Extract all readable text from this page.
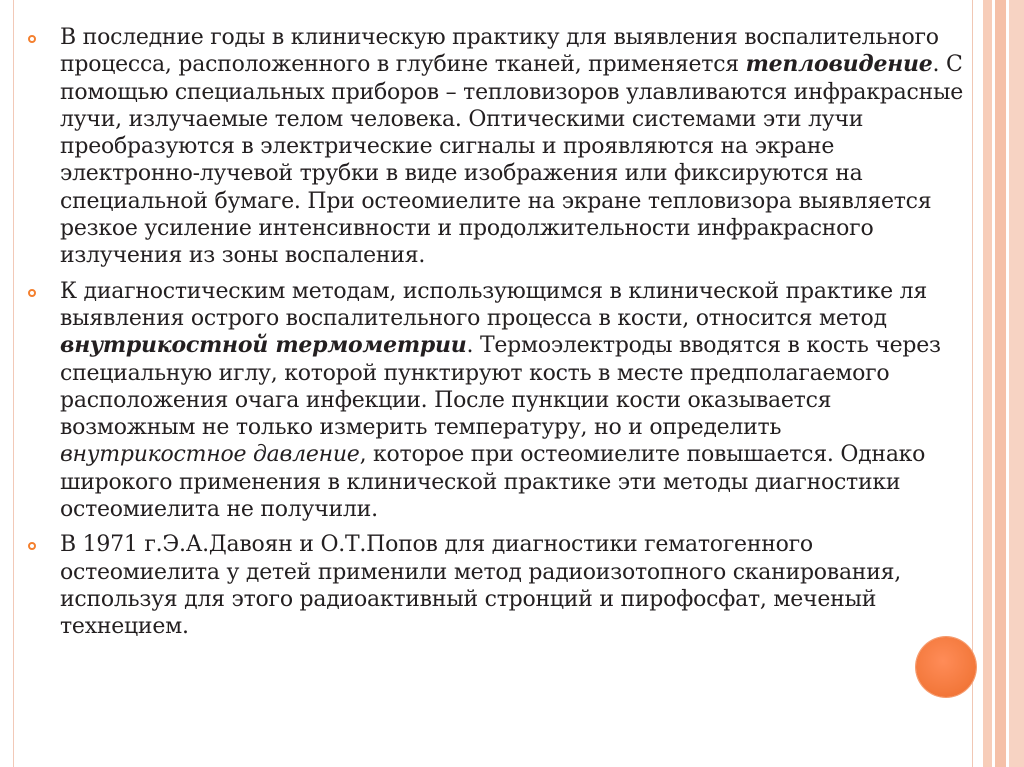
В последние годы в клиническую практику для выявления воспалительного процесса, расположенного в глубине тканей, применяется тепловидение. С помощью специальных приборов – тепловизоров улавливаются инфракрасные лучи, излучаемые телом человека. Оптическими системами эти лучи преобразуются в электрические сигналы и проявляются на экране электронно-лучевой трубки в виде изображения или фиксируются на специальной бумаге. При остеомиелите на экране тепловизора выявляется резкое усиление интенсивности и продолжительности инфракрасного излучения из зоны воспаления.

К диагностическим методам, использующимся в клинической практике ля выявления острого воспалительного процесса в кости, относится метод внутрикостной термометрии. Термоэлектроды вводятся в кость через специальную иглу, которой пунктируют кость в месте предполагаемого расположения очага инфекции. После пункции кости оказывается возможным не только измерить температуру, но и определить внутрикостное давление, которое при остеомиелите повышается. Однако широкого применения в клинической практике эти методы диагностики остеомиелита не получили.

В 1971 г.Э.А.Давоян и О.Т.Попов для диагностики гематогенного остеомиелита у детей применили метод радиоизотопного сканирования, используя для этого радиоактивный стронций и пирофосфат, меченый технецием.
